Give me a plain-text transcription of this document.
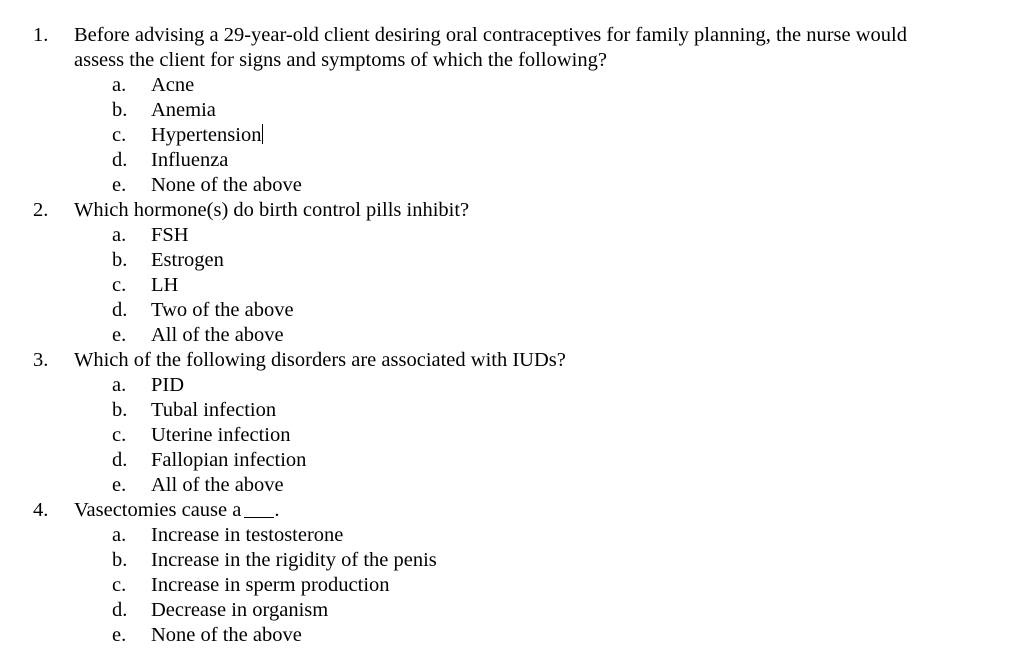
1.	Before advising a 29-year-old client desiring oral contraceptives for family planning, the nurse would
assess the client for signs and symptoms of which the following?
a.	Acne
b.	Anemia
c.	Hypertension
d.	Influenza
e.	None of the above
2.	Which hormone(s) do birth control pills inhibit?
a.	FSH
b.	Estrogen
c.	LH
d.	Two of the above
e.	All of the above
3.	Which of the following disorders are associated with IUDs?
a.	PID
b.	Tubal infection
c.	Uterine infection
d.	Fallopian infection
e.	All of the above
4.	Vasectomies cause a .
a.	Increase in testosterone
b.	Increase in the rigidity of the penis
c.	Increase in sperm production
d.	Decrease in organism
e.	None of the above
